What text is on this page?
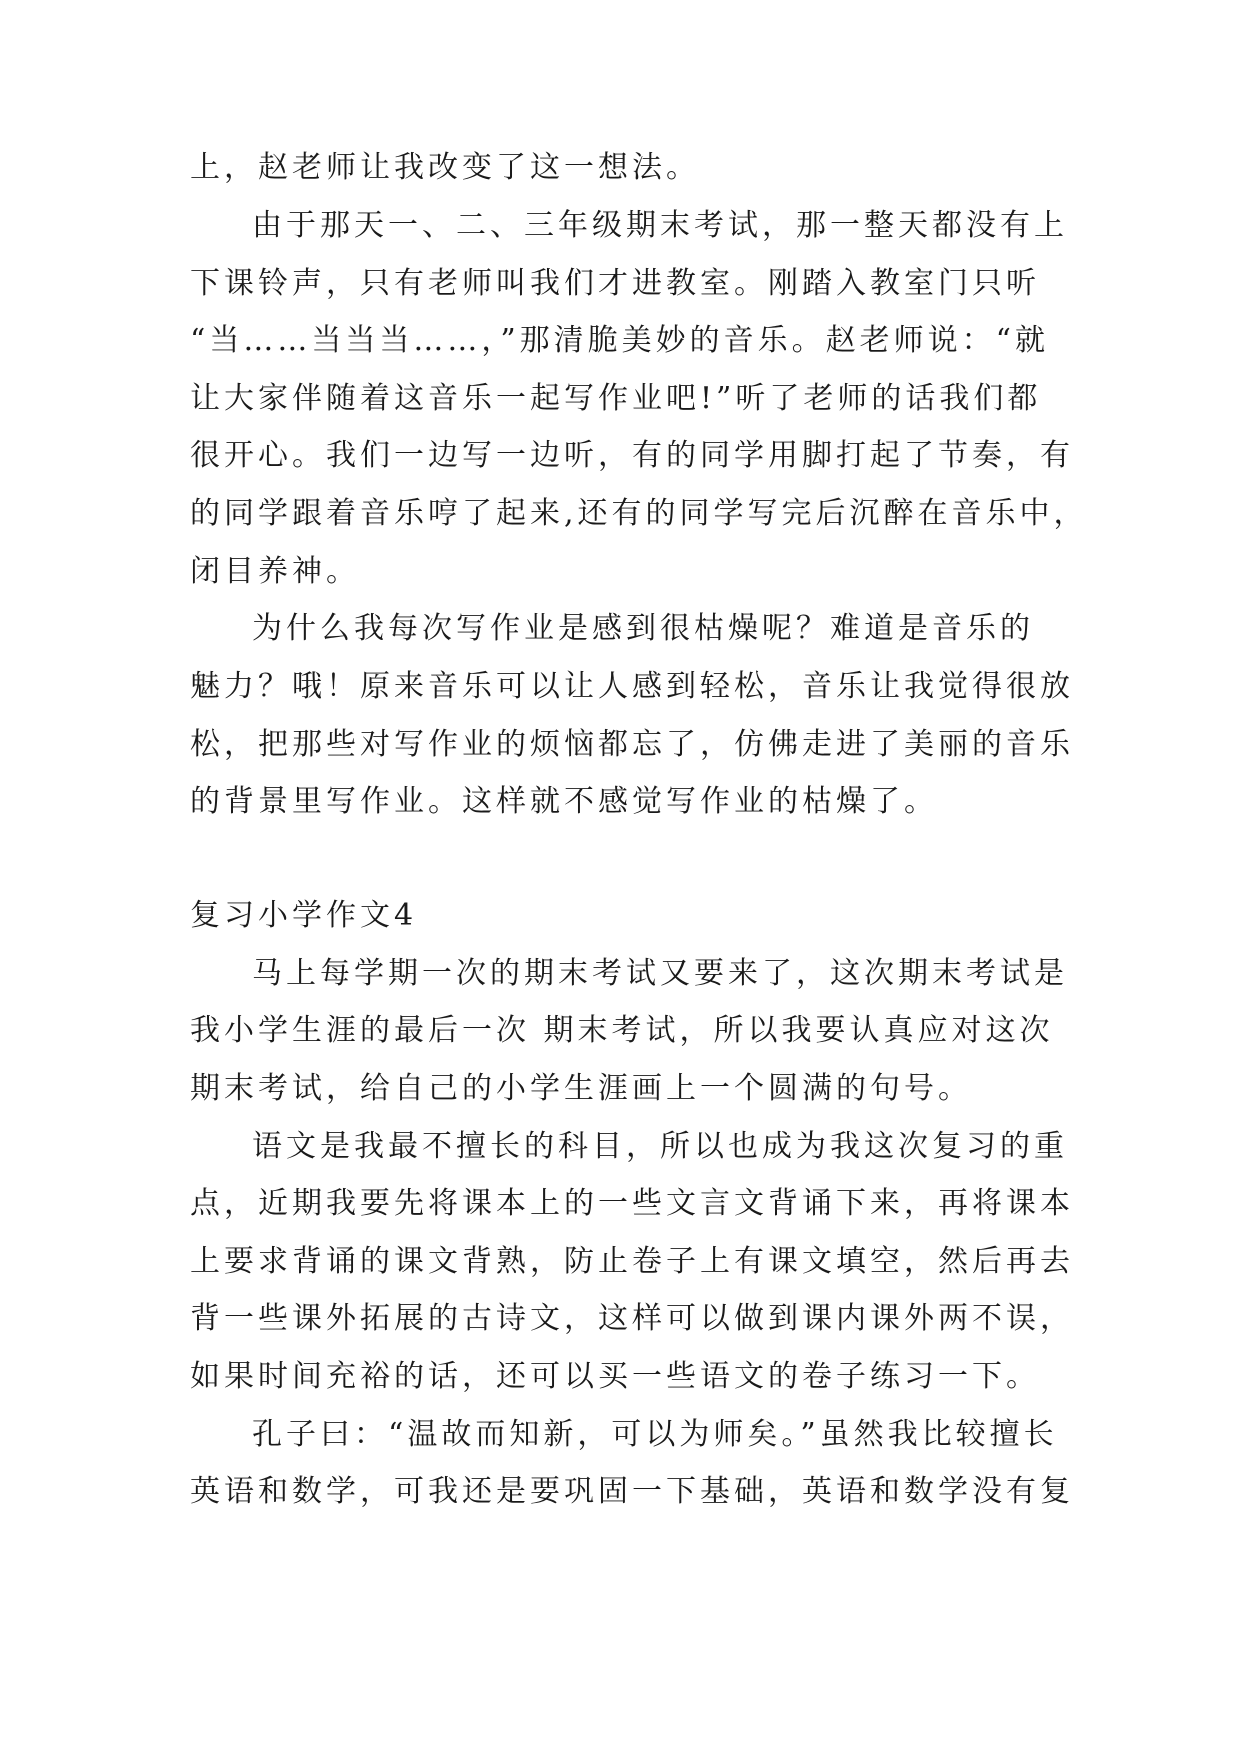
上，赵老师让我改变了这一想法。
由于那天一、二、三年级期末考试，那一整天都没有上
下课铃声，只有老师叫我们才进教室。刚踏入教室门只听
“当……当当当……，”那清脆美妙的音乐。赵老师说：“就
让大家伴随着这音乐一起写作业吧!”听了老师的话我们都
很开心。我们一边写一边听，有的同学用脚打起了节奏，有
的同学跟着音乐哼了起来,还有的同学写完后沉醉在音乐中，
闭目养神。
为什么我每次写作业是感到很枯燥呢？难道是音乐的
魅力？哦！原来音乐可以让人感到轻松，音乐让我觉得很放
松，把那些对写作业的烦恼都忘了，仿佛走进了美丽的音乐
的背景里写作业。这样就不感觉写作业的枯燥了。
复习小学作文4
马上每学期一次的期末考试又要来了，这次期末考试是
我小学生涯的最后一次 期末考试，所以我要认真应对这次
期末考试，给自己的小学生涯画上一个圆满的句号。
语文是我最不擅长的科目，所以也成为我这次复习的重
点，近期我要先将课本上的一些文言文背诵下来，再将课本
上要求背诵的课文背熟，防止卷子上有课文填空，然后再去
背一些课外拓展的古诗文，这样可以做到课内课外两不误，
如果时间充裕的话，还可以买一些语文的卷子练习一下。
孔子曰：“温故而知新，可以为师矣。”虽然我比较擅长
英语和数学，可我还是要巩固一下基础，英语和数学没有复
